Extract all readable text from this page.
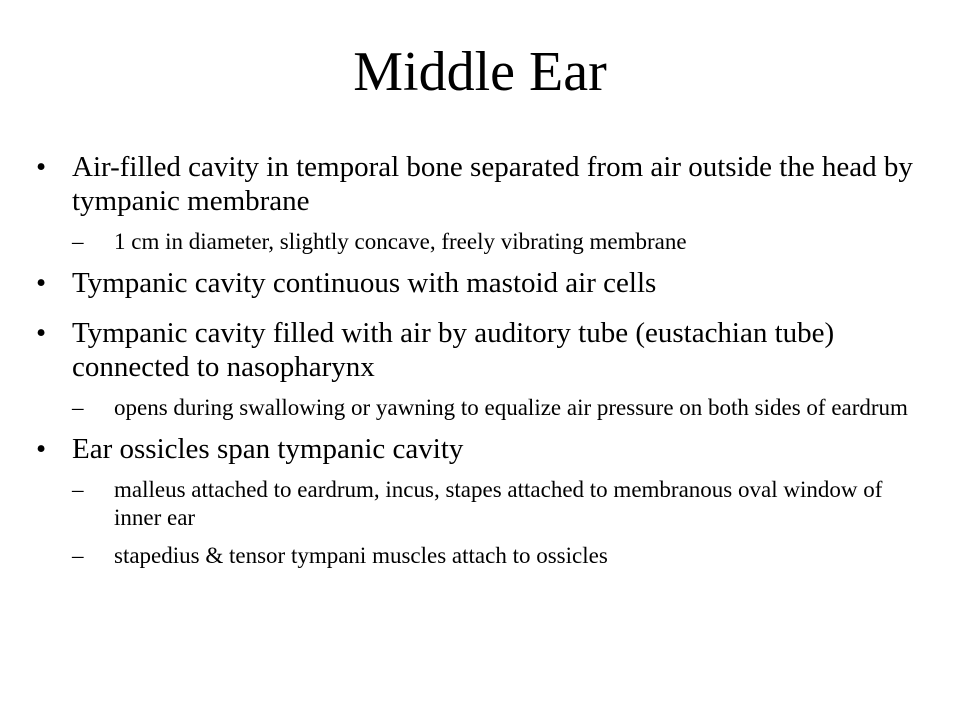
Middle Ear
• Air-filled cavity in temporal bone separated from air outside the head by tympanic membrane
–	1 cm in diameter, slightly concave, freely vibrating membrane
• Tympanic cavity continuous with mastoid air cells
• Tympanic cavity filled with air by auditory tube (eustachian tube) connected to nasopharynx
–	opens during swallowing or yawning to equalize air pressure on both sides of eardrum
• Ear ossicles span tympanic cavity
–	malleus attached to eardrum, incus, stapes attached to membranous oval window of inner ear
–	stapedius & tensor tympani muscles attach to ossicles
